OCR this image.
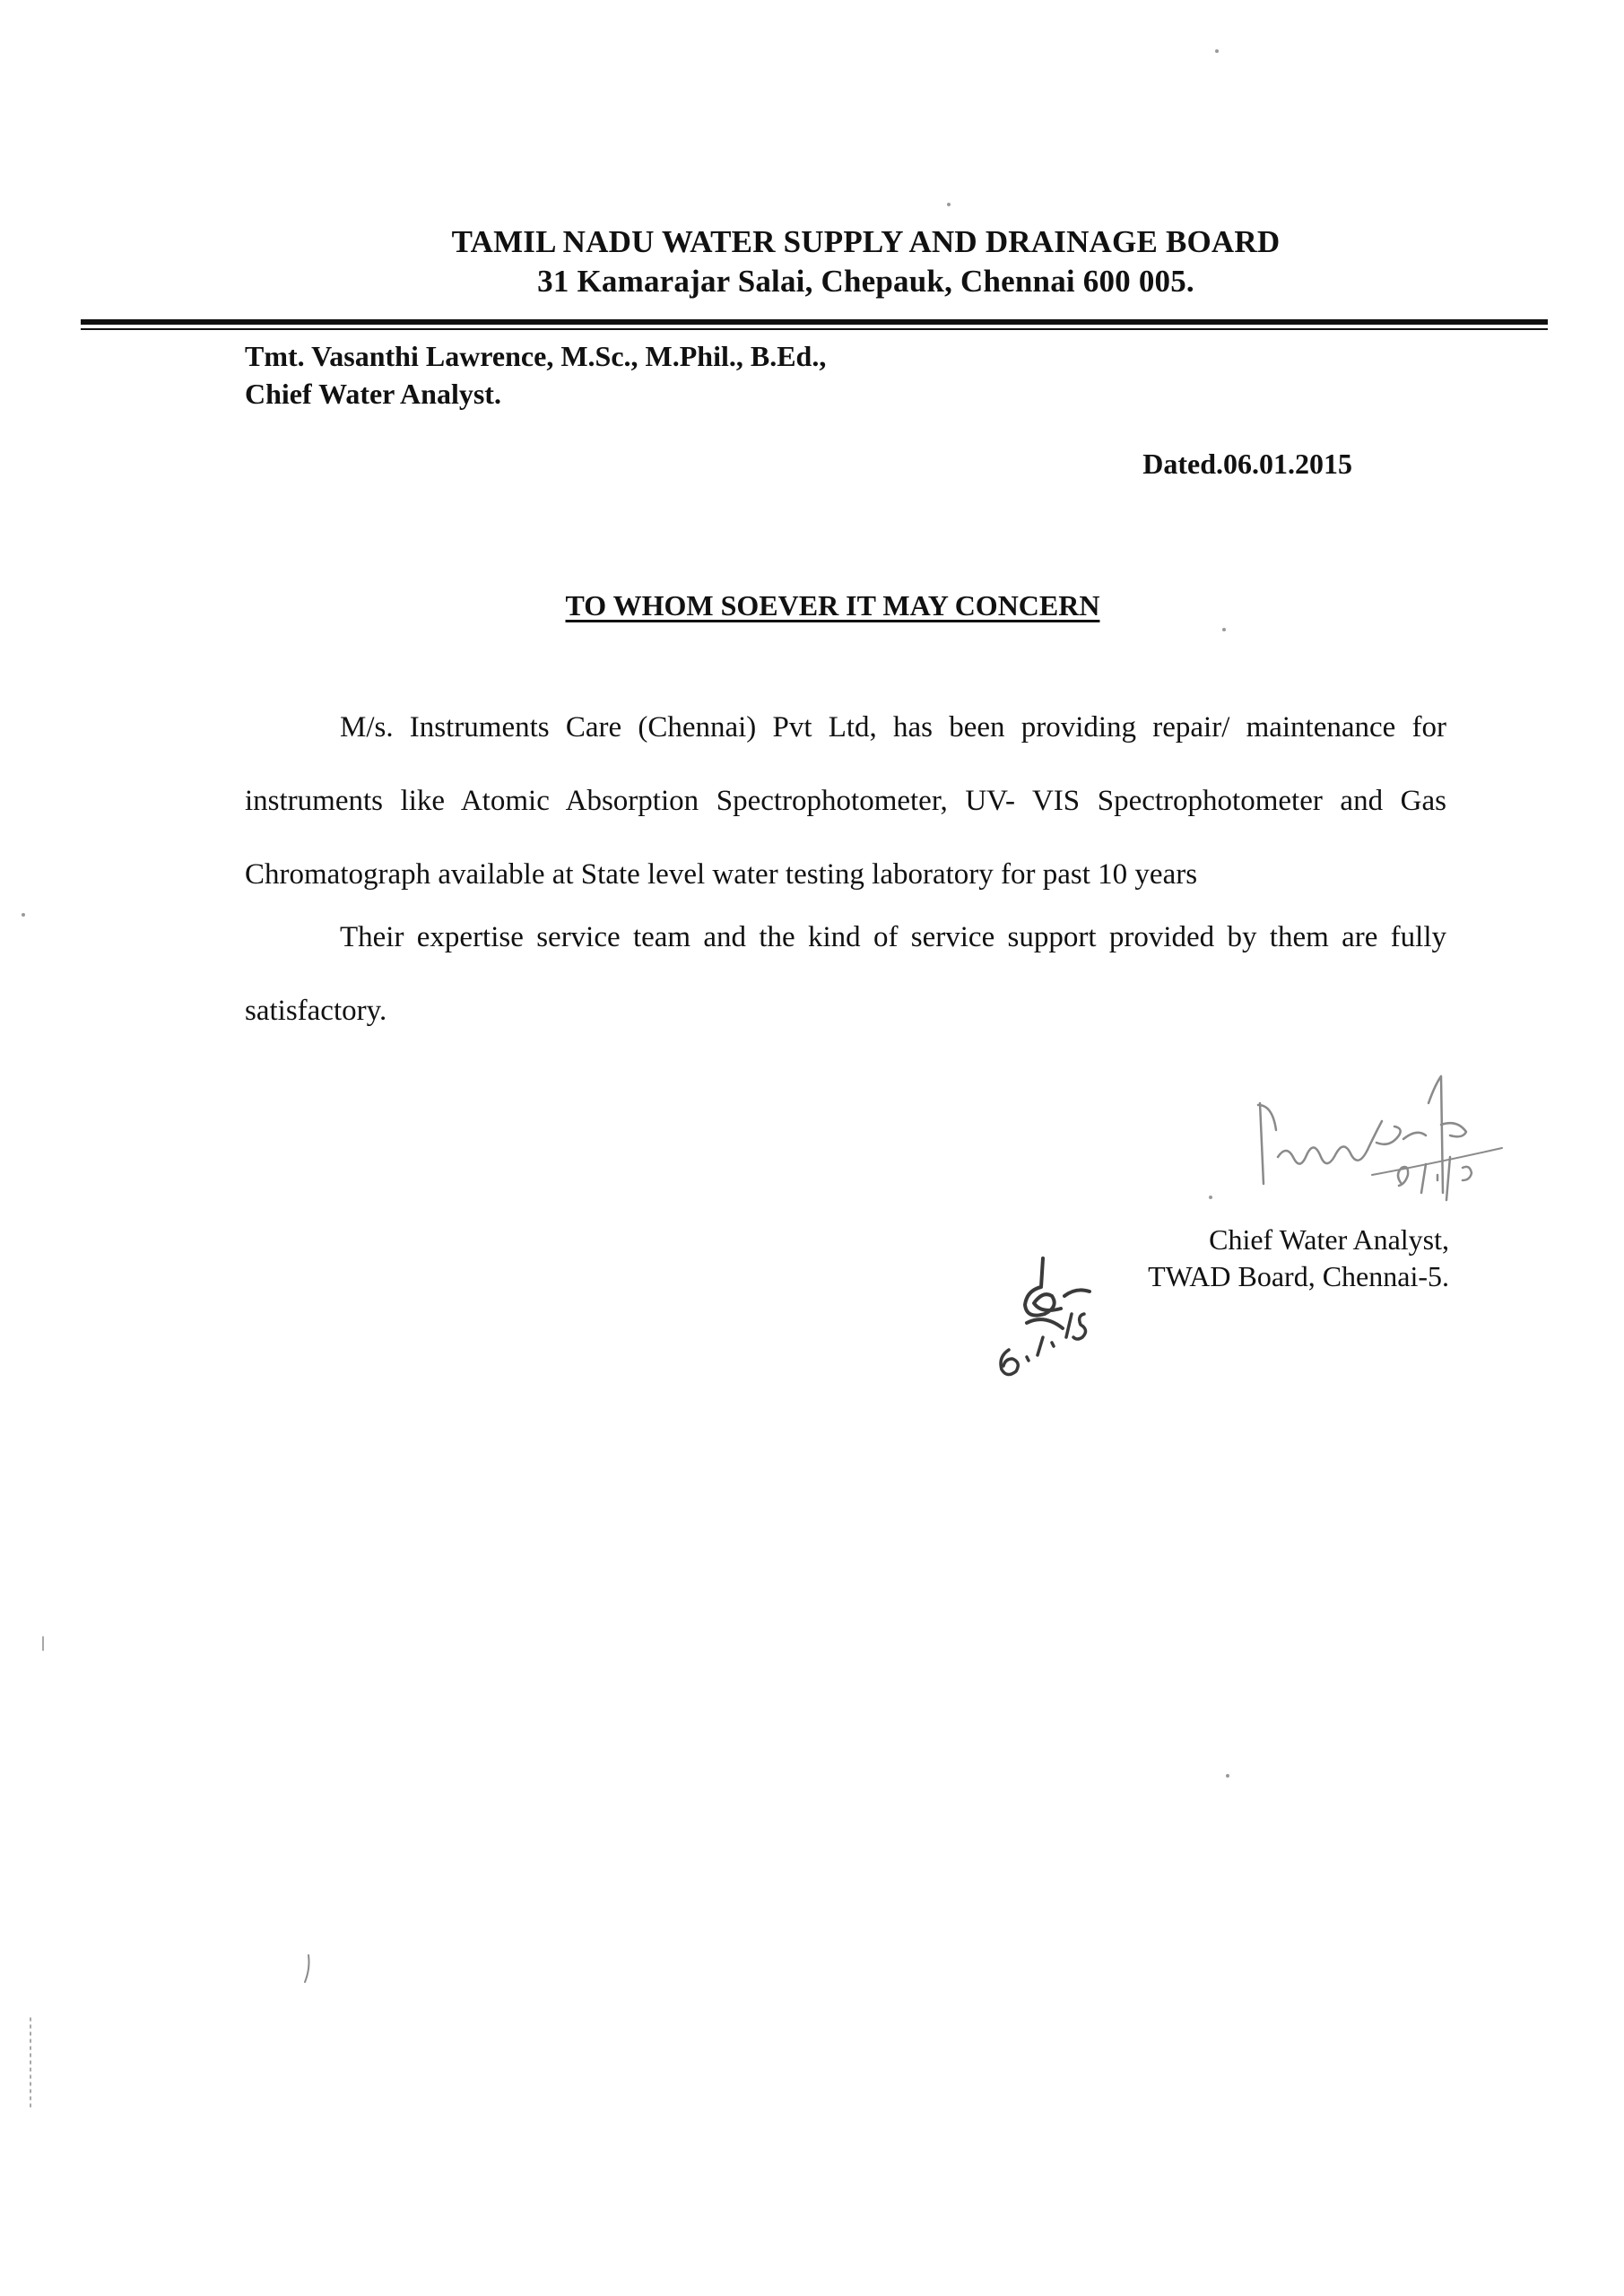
TAMIL NADU WATER SUPPLY AND DRAINAGE BOARD
31 Kamarajar Salai, Chepauk, Chennai 600 005.
Tmt. Vasanthi Lawrence, M.Sc., M.Phil., B.Ed.,
Chief Water Analyst.
Dated.06.01.2015
TO WHOM SOEVER IT MAY CONCERN
M/s. Instruments Care (Chennai) Pvt Ltd, has been providing repair/ maintenance for instruments like Atomic Absorption Spectrophotometer, UV- VIS Spectrophotometer and Gas Chromatograph available at State level water testing laboratory for past 10 years
Their expertise service team and the kind of service support provided by them are fully satisfactory.
Chief Water Analyst,
TWAD Board, Chennai-5.
